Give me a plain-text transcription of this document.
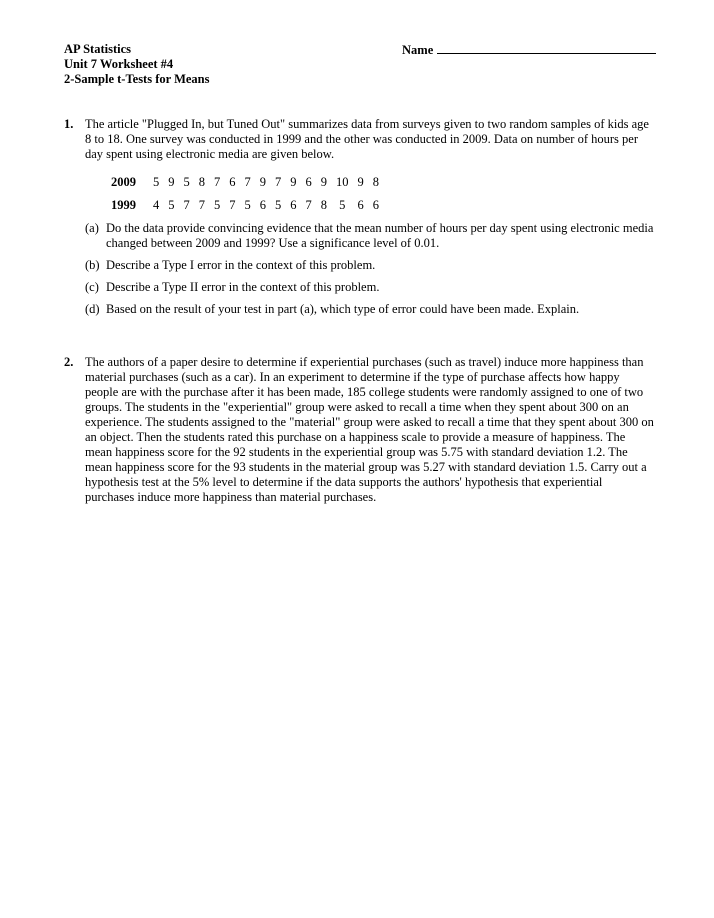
AP Statistics
Unit 7 Worksheet #4
2-Sample t-Tests for Means
Name
1. The article "Plugged In, but Tuned Out" summarizes data from surveys given to two random samples of kids age 8 to 18. One survey was conducted in 1999 and the other was conducted in 2009. Data on number of hours per day spent using electronic media are given below.
2009	5	9	5	8	7	6	7	9	7	9	6	9	10	9	8
1999	4	5	7	7	5	7	5	6	5	6	7	8	5	6	6
(a) Do the data provide convincing evidence that the mean number of hours per day spent using electronic media changed between 2009 and 1999? Use a significance level of 0.01.
(b) Describe a Type I error in the context of this problem.
(c) Describe a Type II error in the context of this problem.
(d) Based on the result of your test in part (a), which type of error could have been made. Explain.
2. The authors of a paper desire to determine if experiential purchases (such as travel) induce more happiness than material purchases (such as a car). In an experiment to determine if the type of purchase affects how happy people are with the purchase after it has been made, 185 college students were randomly assigned to one of two groups. The students in the "experiential" group were asked to recall a time when they spent about 300 on an experience. The students assigned to the "material" group were asked to recall a time that they spent about 300 on an object. Then the students rated this purchase on a happiness scale to provide a measure of happiness. The mean happiness score for the 92 students in the experiential group was 5.75 with standard deviation 1.2. The mean happiness score for the 93 students in the material group was 5.27 with standard deviation 1.5. Carry out a hypothesis test at the 5% level to determine if the data supports the authors' hypothesis that experiential purchases induce more happiness than material purchases.
